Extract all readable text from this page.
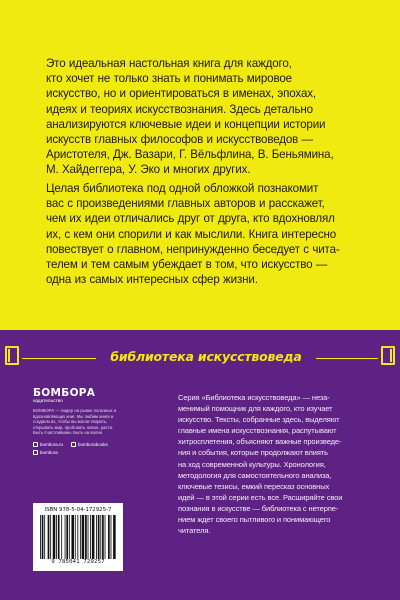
Это идеальная настольная книга для каждого,
кто хочет не только знать и понимать мировое
искусство, но и ориентироваться в именах, эпохах,
идеях и теориях искусствознания. Здесь детально
анализируются ключевые идеи и концепции истории
искусств главных философов и искусствоведов —
Аристотеля, Дж. Вазари, Г. Вёльфлина, В. Беньямина,
М. Хайдеггера, У. Эко и многих других.
Целая библиотека под одной обложкой познакомит
вас с произведениями главных авторов и расскажет,
чем их идеи отличались друг от друга, кто вдохновлял
их, с кем они спорили и как мыслили. Книга интересно
повествует о главном, непринужденно беседует с чита-
телем и тем самым убеждает в том, что искусство —
одна из самых интересных сфер жизни.
библиотека искусствоведа
БОМБОРА
издательство
БОМБОРА — лидер на рынке полезных и вдохновляющих книг. Мы любим книги и создаем их, чтобы вы могли творить, открывать мир, пробовать новое, расти. Быть счастливыми. Быть на волне.
bombora.ru	bomborabooks
bombora
ISBN 978-5-04-172925-7
9 785041 729257
Серия «Библиотека искусствоведа» — неза-
менимый помощник для каждого, кто изучает
искусство. Тексты, собранные здесь, выделяют
главные имена искусствознания, распутывают
хитросплетения, объясняют важные произведе-
ния и события, которые продолжают влиять
на ход современной культуры. Хронология,
методология для самостоятельного анализа,
ключевые тезисы, емкий пересказ основных
идей — в этой серии есть все. Расширяйте свои
познания в искусстве — библиотека с нетерпе-
нием ждет своего пытливого и понимающего
читателя.
